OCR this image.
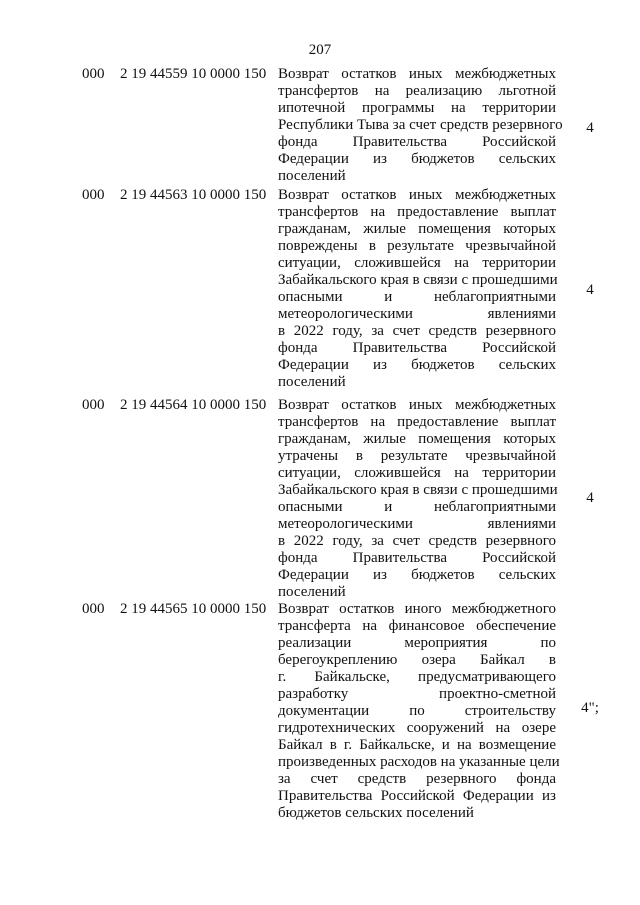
207
000 2 19 44559 10 0000 150 Возврат остатков иных межбюджетных
трансфертов на реализацию льготной
ипотечной программы на территории
Республики Тыва за счет средств резервного
фонда Правительства Российской
Федерации из бюджетов сельских
поселений
4
000 2 19 44563 10 0000 150 Возврат остатков иных межбюджетных
трансфертов на предоставление выплат
гражданам, жилые помещения которых
повреждены в результате чрезвычайной
ситуации, сложившейся на территории
Забайкальского края в связи с прошедшими
опасными и неблагоприятными
метеорологическими явлениями
в 2022 году, за счет средств резервного
фонда Правительства Российской
Федерации из бюджетов сельских
поселений
4
000 2 19 44564 10 0000 150 Возврат остатков иных межбюджетных
трансфертов на предоставление выплат
гражданам, жилые помещения которых
утрачены в результате чрезвычайной
ситуации, сложившейся на территории
Забайкальского края в связи с прошедшими
опасными и неблагоприятными
метеорологическими явлениями
в 2022 году, за счет средств резервного
фонда Правительства Российской
Федерации из бюджетов сельских
поселений
4
000 2 19 44565 10 0000 150 Возврат остатков иного межбюджетного
трансферта на финансовое обеспечение
реализации мероприятия по
берегоукреплению озера Байкал в
г. Байкальске, предусматривающего
разработку проектно-сметной
документации по строительству
гидротехнических сооружений на озере
Байкал в г. Байкальске, и на возмещение
произведенных расходов на указанные цели
за счет средств резервного фонда
Правительства Российской Федерации из
бюджетов сельских поселений
4";
